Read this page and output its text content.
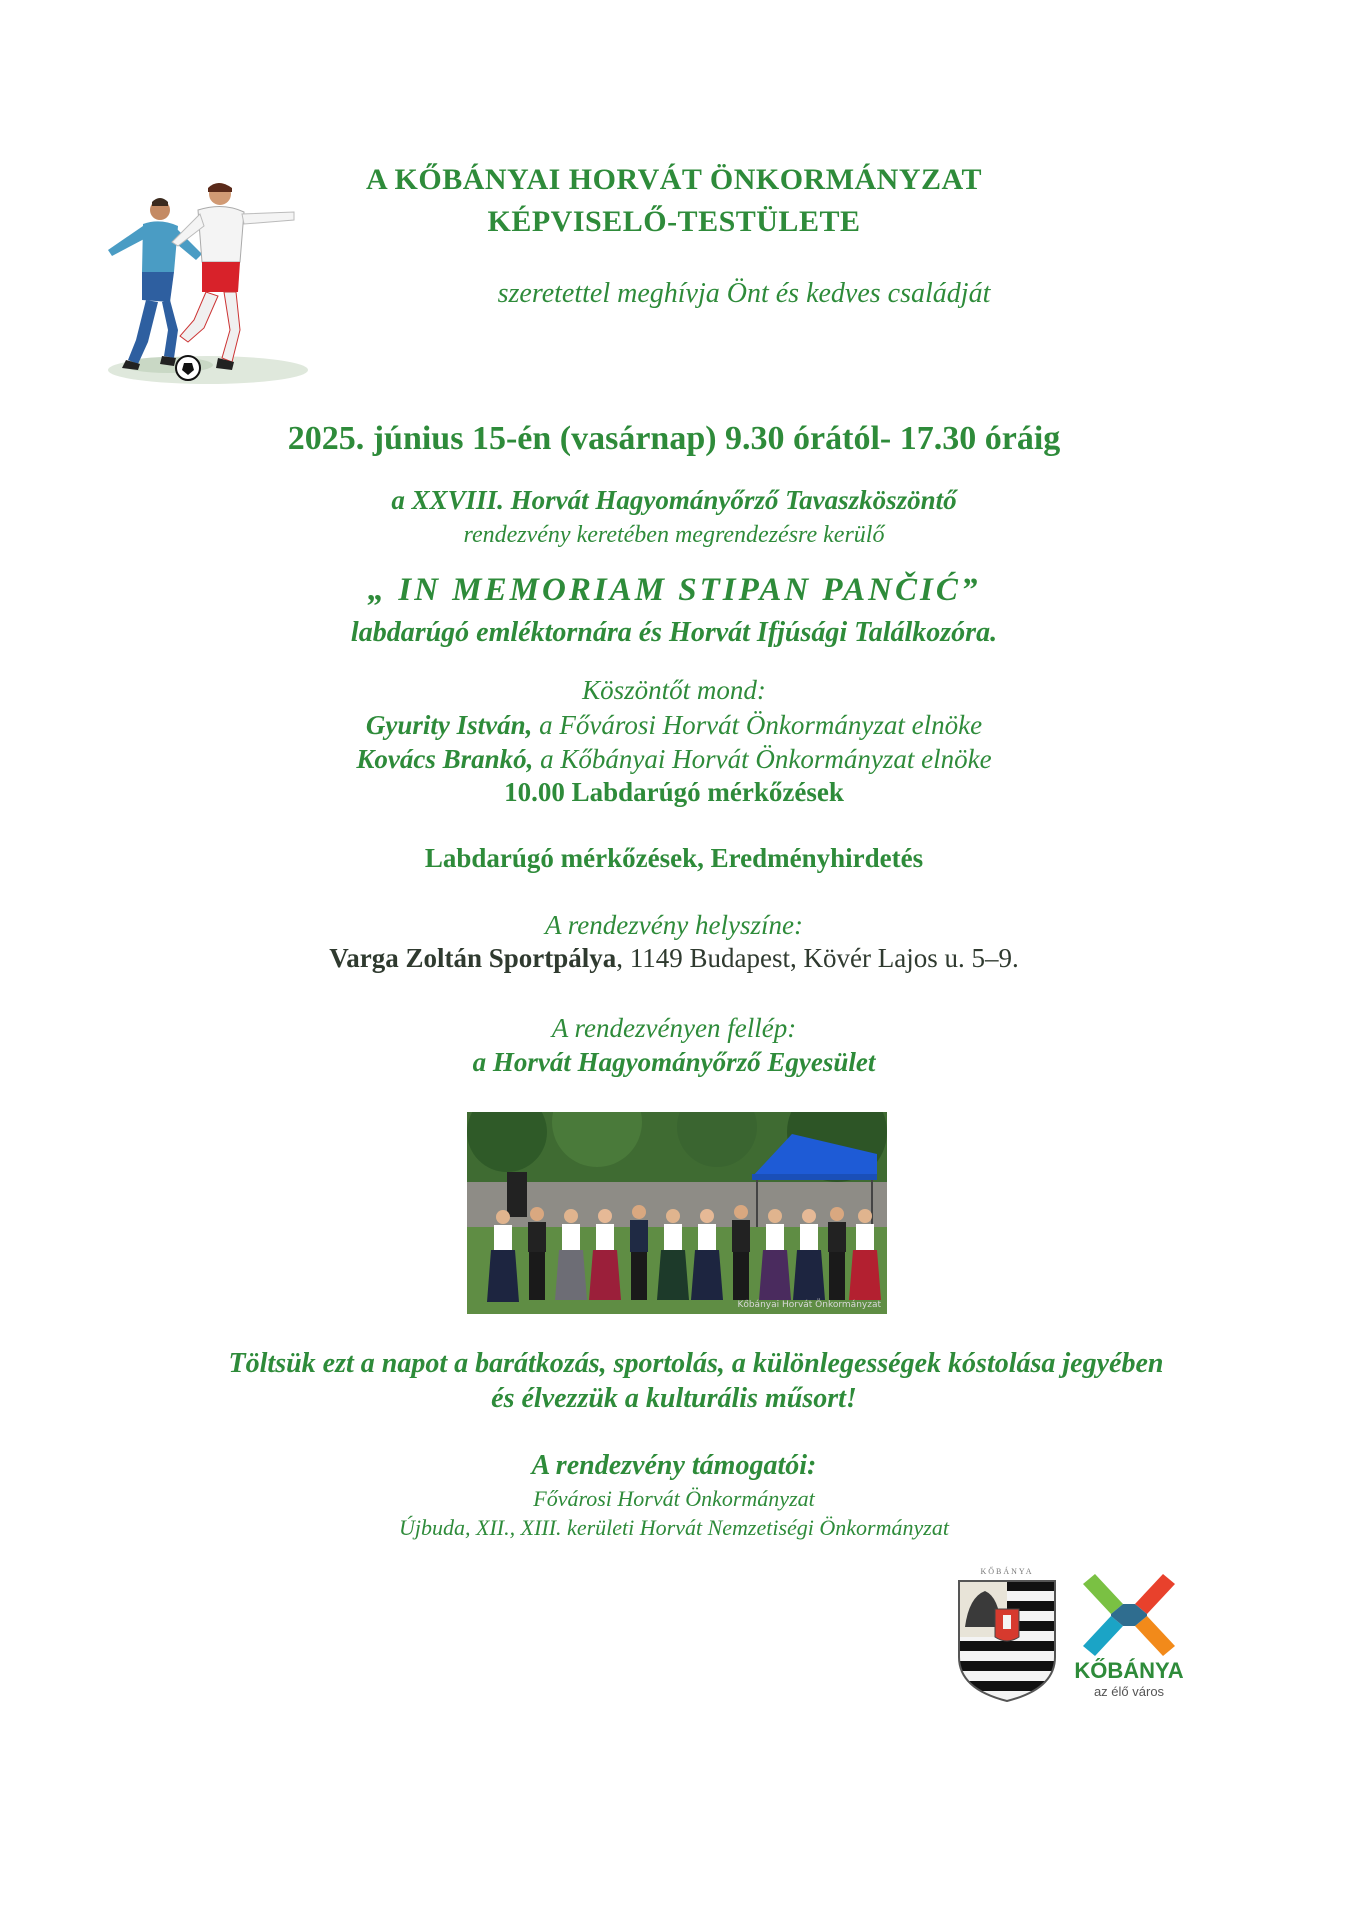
A KŐBÁNYAI HORVÁT ÖNKORMÁNYZAT
KÉPVISELŐ-TESTÜLETE
szeretettel meghívja Önt és kedves családját
2025. június 15-én (vasárnap) 9.30 órától- 17.30 óráig
a XXVIII. Horvát Hagyományőrző Tavaszköszöntő
rendezvény keretében megrendezésre kerülő
„ IN MEMORIAM STIPAN PANČIĆ”
labdarúgó emléktornára és Horvát Ifjúsági Találkozóra.
Köszöntőt mond:
Gyurity István, a Fővárosi Horvát Önkormányzat elnöke
Kovács Brankó, a Kőbányai Horvát Önkormányzat elnöke
10.00 Labdarúgó mérkőzések
Labdarúgó mérkőzések, Eredményhirdetés
A rendezvény helyszíne:
Varga Zoltán Sportpálya, 1149 Budapest, Kövér Lajos u. 5–9.
A rendezvényen fellép:
a Horvát Hagyományőrző Egyesület
Kőbányai Horvát Önkormányzat
Töltsük ezt a napot a barátkozás, sportolás, a különlegességek kóstolása jegyében
és élvezzük a kulturális műsort!
A rendezvény támogatói:
Fővárosi Horvát Önkormányzat
Újbuda, XII., XIII. kerületi Horvát Nemzetiségi Önkormányzat
KŐBÁNYA
KŐBÁNYA
az élő város
